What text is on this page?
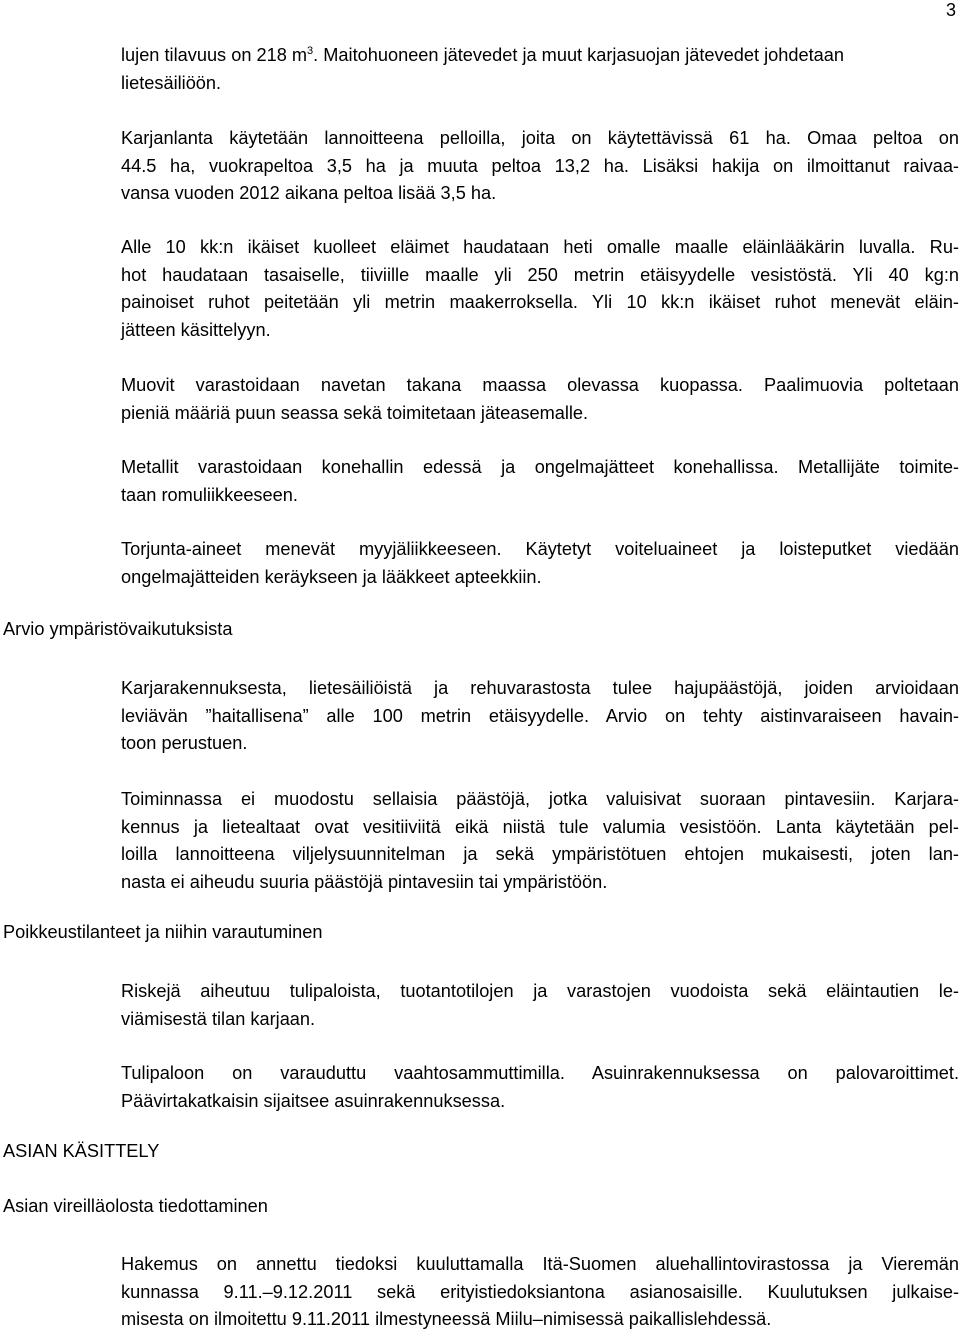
3

lujen tilavuus on 218 $m^3$. Maitohuoneen jätevedet ja muut karjasuojan jätevedet johdetaan
lietesäiliöön.

Karjanlanta käytetään lannoitteena pelloilla, joita on käytettävissä 61 ha. Omaa peltoa on
44.5 ha, vuokrapeltoa 3,5 ha ja muuta peltoa 13,2 ha. Lisäksi hakija on ilmoittanut raivaa-
vansa vuoden 2012 aikana peltoa lisää 3,5 ha.

Alle 10 kk:n ikäiset kuolleet eläimet haudataan heti omalle maalle eläinlääkärin luvalla. Ru-
hot haudataan tasaiselle, tiiviille maalle yli 250 metrin etäisyydelle vesistöstä. Yli 40 kg:n
painoiset ruhot peitetään yli metrin maakerroksella. Yli 10 kk:n ikäiset ruhot menevät eläin-
jätteen käsittelyyn.

Muovit varastoidaan navetan takana maassa olevassa kuopassa. Paalimuovia poltetaan
pieniä määriä puun seassa sekä toimitetaan jäteasemalle.

Metallit varastoidaan konehallin edessä ja ongelmajätteet konehallissa. Metallijäte toimite-
taan romuliikkeeseen.

Torjunta-aineet menevät myyjäliikkeeseen. Käytetyt voiteluaineet ja loisteputket viedään
ongelmajätteiden keräykseen ja lääkkeet apteekkiin.

Arvio ympäristövaikutuksista

Karjarakennuksesta, lietesäiliöistä ja rehuvarastosta tulee hajupäästöjä, joiden arvioidaan
leviävän ”haitallisena” alle 100 metrin etäisyydelle. Arvio on tehty aistinvaraiseen havain-
toon perustuen.

Toiminnassa ei muodostu sellaisia päästöjä, jotka valuisivat suoraan pintavesiin. Karjara-
kennus ja lietealtaat ovat vesitiiviitä eikä niistä tule valumia vesistöön. Lanta käytetään pel-
loilla lannoitteena viljelysuunnitelman ja sekä ympäristötuen ehtojen mukaisesti, joten lan-
nasta ei aiheudu suuria päästöjä pintavesiin tai ympäristöön.

Poikkeustilanteet ja niihin varautuminen

Riskejä aiheutuu tulipaloista, tuotantotilojen ja varastojen vuodoista sekä eläintautien le-
viämisestä tilan karjaan.

Tulipaloon on varauduttu vaahtosammuttimilla. Asuinrakennuksessa on palovaroittimet.
Päävirtakatkaisin sijaitsee asuinrakennuksessa.

ASIAN KÄSITTELY
Asian vireilläolosta tiedottaminen

Hakemus on annettu tiedoksi kuuluttamalla Itä-Suomen aluehallintovirastossa ja Vieremän
kunnassa 9.11.–9.12.2011 sekä erityistiedoksiantona asianosaisille. Kuulutuksen julkaise-
misesta on ilmoitettu 9.11.2011 ilmestyneessä Miilu–nimisessä paikallislehdessä.
